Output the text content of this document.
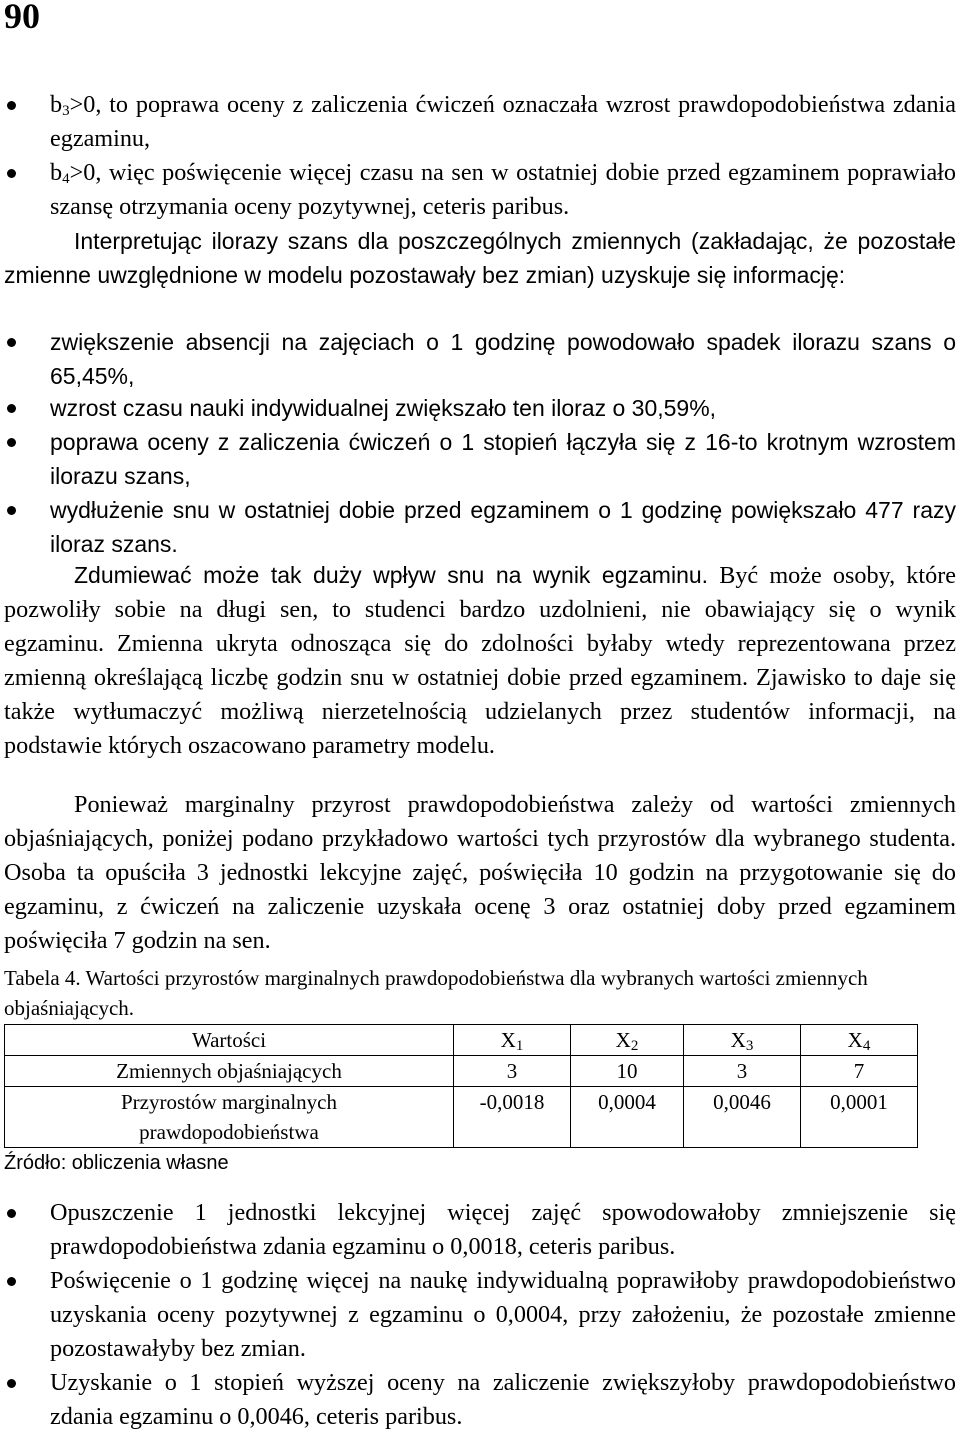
90
$b_3>0$, to poprawa oceny z zaliczenia ćwiczeń oznaczała wzrost prawdopodobieństwa zdania egzaminu,
$b_4>0$, więc poświęcenie więcej czasu na sen w ostatniej dobie przed egzaminem poprawiało szansę otrzymania oceny pozytywnej, ceteris paribus.
Interpretując ilorazy szans dla poszczególnych zmiennych (zakładając, że pozostałe zmienne uwzględnione w modelu pozostawały bez zmian) uzyskuje się informację:
zwiększenie absencji na zajęciach o 1 godzinę powodowało spadek ilorazu szans o 65,45%,
wzrost czasu nauki indywidualnej zwiększało ten iloraz o 30,59%,
poprawa oceny z zaliczenia ćwiczeń o 1 stopień łączyła się z 16-to krotnym wzrostem ilorazu szans,
wydłużenie snu w ostatniej dobie przed egzaminem o 1 godzinę powiększało 477 razy iloraz szans.
Zdumiewać może tak duży wpływ snu na wynik egzaminu. Być może osoby, które pozwoliły sobie na długi sen, to studenci bardzo uzdolnieni, nie obawiający się o wynik egzaminu. Zmienna ukryta odnosząca się do zdolności byłaby wtedy reprezentowana przez zmienną określającą liczbę godzin snu w ostatniej dobie przed egzaminem. Zjawisko to daje się także wytłumaczyć możliwą nierzetelnością udzielanych przez studentów informacji, na podstawie których oszacowano parametry modelu.
Ponieważ marginalny przyrost prawdopodobieństwa zależy od wartości zmiennych objaśniających, poniżej podano przykładowo wartości tych przyrostów dla wybranego studenta. Osoba ta opuściła 3 jednostki lekcyjne zajęć, poświęciła 10 godzin na przygotowanie się do egzaminu, z ćwiczeń na zaliczenie uzyskała ocenę 3 oraz ostatniej doby przed egzaminem poświęciła 7 godzin na sen.
Tabela 4. Wartości przyrostów marginalnych prawdopodobieństwa dla wybranych wartości zmiennych objaśniających.
Wartości	$X_1$	$X_2$	$X_3$	$X_4$
Zmiennych objaśniających	3	10	3	7
Przyrostów marginalnych prawdopodobieństwa	-0,0018	0,0004	0,0046	0,0001
Źródło: obliczenia własne
Opuszczenie 1 jednostki lekcyjnej więcej zajęć spowodowałoby zmniejszenie się prawdopodobieństwa zdania egzaminu o 0,0018, ceteris paribus.
Poświęcenie o 1 godzinę więcej na naukę indywidualną poprawiłoby prawdopodobieństwo uzyskania oceny pozytywnej z egzaminu o 0,0004, przy założeniu, że pozostałe zmienne pozostawałyby bez zmian.
Uzyskanie o 1 stopień wyższej oceny na zaliczenie zwiększyłoby prawdopodobieństwo zdania egzaminu o 0,0046, ceteris paribus.
